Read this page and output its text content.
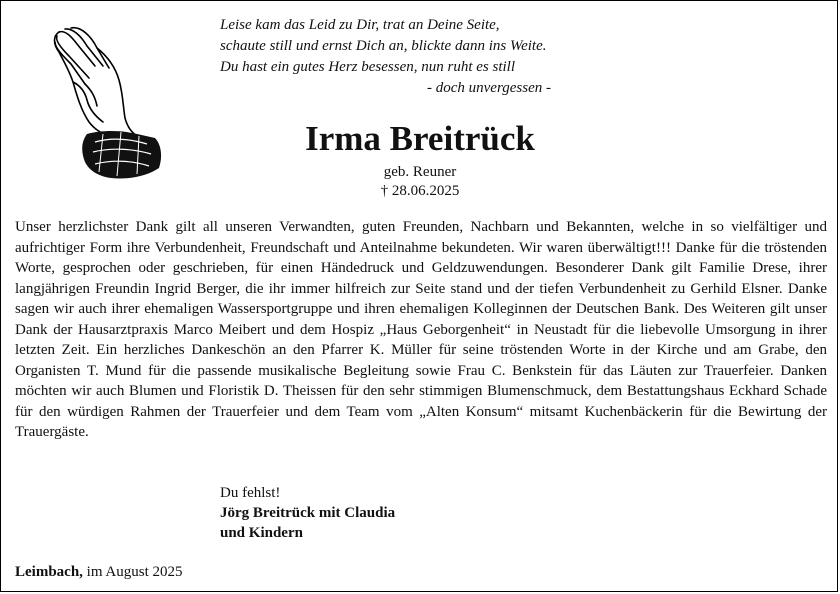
Leise kam das Leid zu Dir, trat an Deine Seite,
schaute still und ernst Dich an, blickte dann ins Weite.
Du hast ein gutes Herz besessen, nun ruht es still
- doch unvergessen -
Irma Breitrück
geb. Reuner
† 28.06.2025
Unser herzlichster Dank gilt all unseren Verwandten, guten Freunden, Nachbarn und Bekannten, welche in so vielfältiger und aufrichtiger Form ihre Verbundenheit, Freundschaft und Anteilnahme bekundeten. Wir waren überwältigt!!! Danke für die tröstenden Worte, gesprochen oder geschrieben, für einen Händedruck und Geldzuwendungen. Besonderer Dank gilt Familie Drese, ihrer langjährigen Freundin Ingrid Berger, die ihr immer hilfreich zur Seite stand und der tiefen Verbundenheit zu Gerhild Elsner. Danke sagen wir auch ihrer ehemaligen Wassersportgruppe und ihren ehemaligen Kolleginnen der Deutschen Bank. Des Weiteren gilt unser Dank der Hausarztpraxis Marco Meibert und dem Hospiz „Haus Geborgenheit“ in Neustadt für die liebevolle Umsorgung in ihrer letzten Zeit. Ein herzliches Dankeschön an den Pfarrer K. Müller für seine tröstenden Worte in der Kirche und am Grabe, den Organisten T. Mund für die passende musikalische Begleitung sowie Frau C. Benkstein für das Läuten zur Trauerfeier. Danken möchten wir auch Blumen und Floristik D. Theissen für den sehr stimmigen Blumenschmuck, dem Bestattungshaus Eckhard Schade für den würdigen Rahmen der Trauerfeier und dem Team vom „Alten Konsum“ mitsamt Kuchenbäckerin für die Bewirtung der Trauergäste.
Du fehlst!
Jörg Breitrück mit Claudia
und Kindern
Leimbach, im August 2025
